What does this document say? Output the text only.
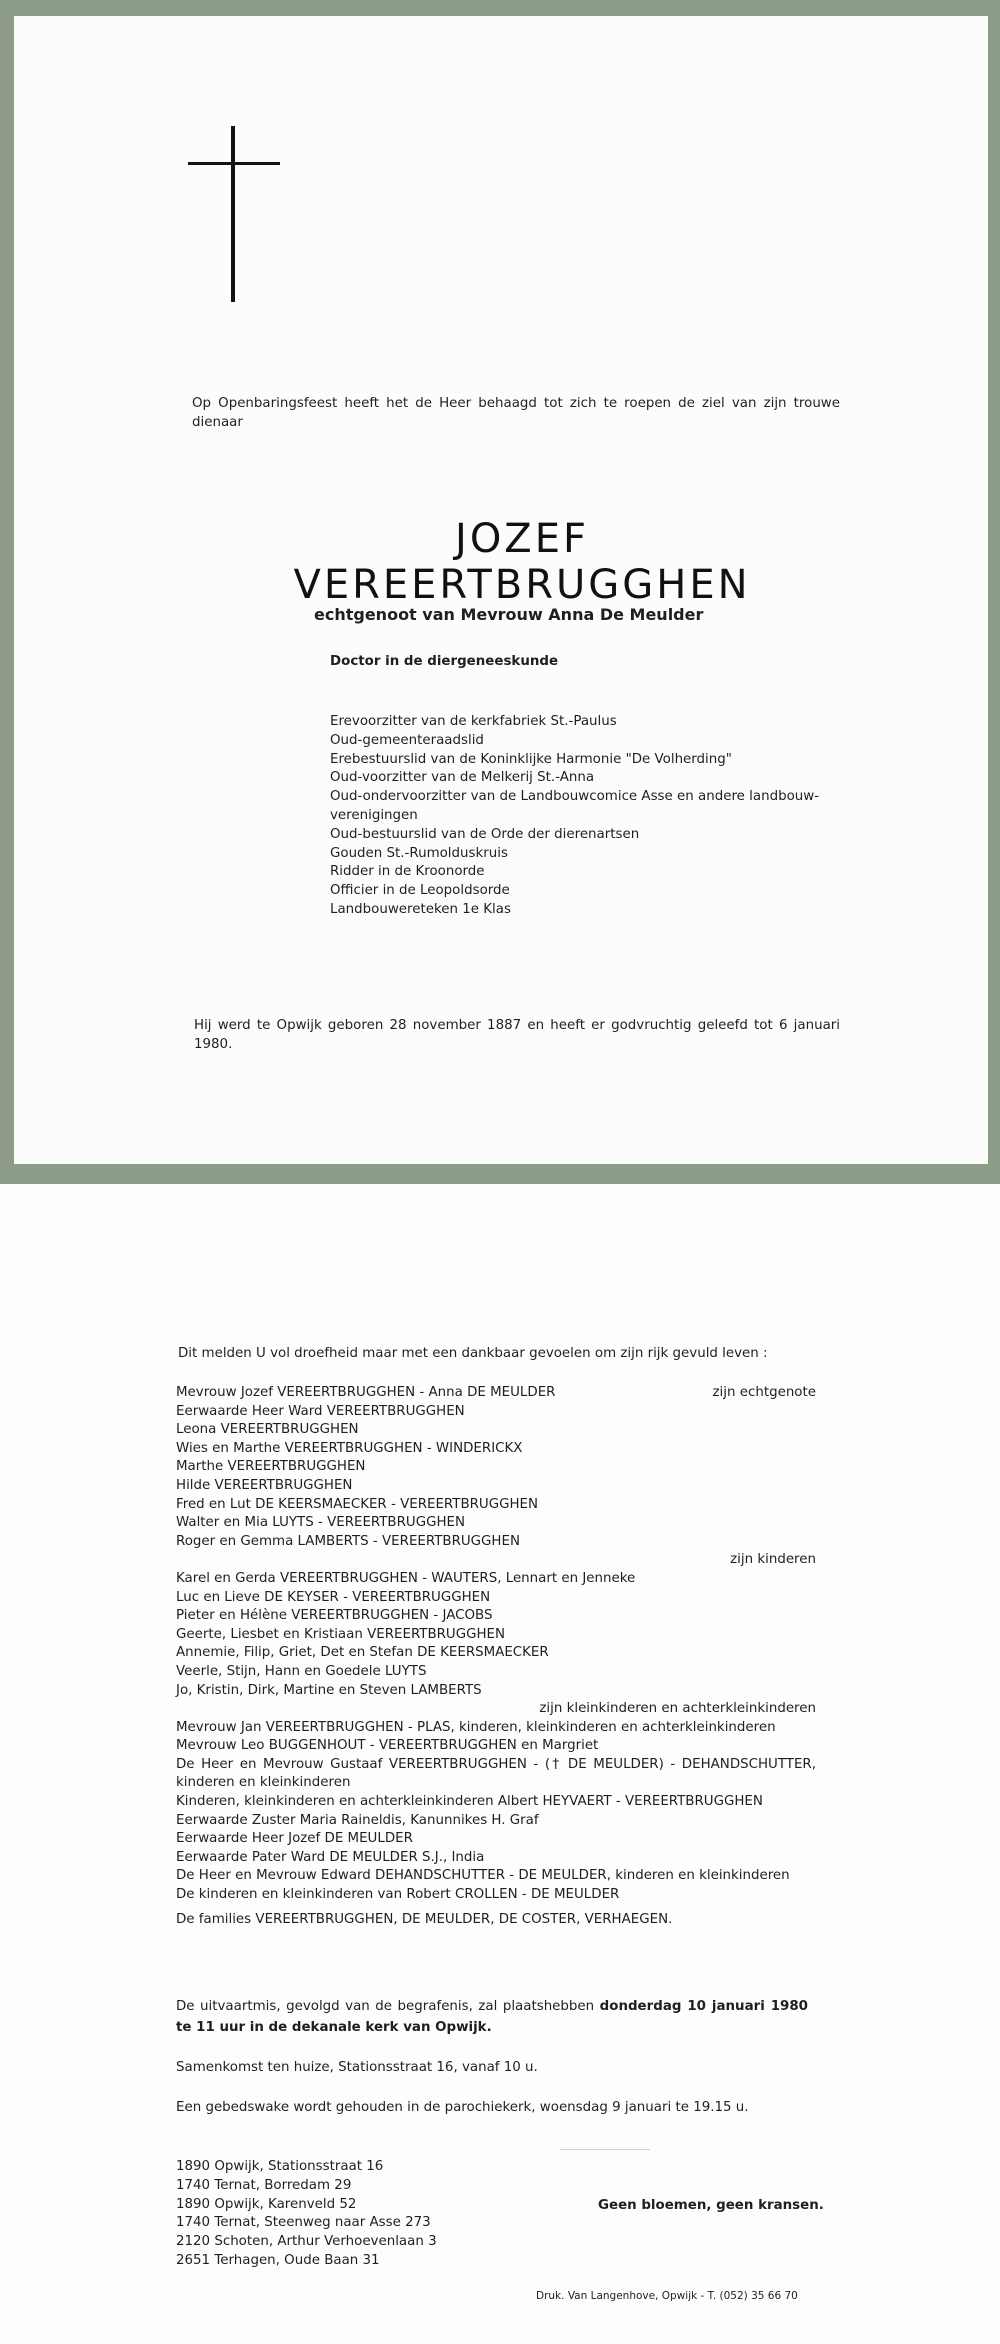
Op Openbaringsfeest heeft het de Heer behaagd tot zich te roepen de ziel van zijn trouwe dienaar
JOZEF VEREERTBRUGGHEN
echtgenoot van Mevrouw Anna De Meulder
Doctor in de diergeneeskunde
Erevoorzitter van de kerkfabriek St.-Paulus
Oud-gemeenteraadslid
Erebestuurslid van de Koninklijke Harmonie "De Volherding"
Oud-voorzitter van de Melkerij St.-Anna
Oud-ondervoorzitter van de Landbouwcomice Asse en andere landbouw-
verenigingen
Oud-bestuurslid van de Orde der dierenartsen
Gouden St.-Rumolduskruis
Ridder in de Kroonorde
Officier in de Leopoldsorde
Landbouwereteken 1e Klas
Hij werd te Opwijk geboren 28 november 1887 en heeft er godvruchtig geleefd tot 6 januari 1980.
Dit melden U vol droefheid maar met een dankbaar gevoelen om zijn rijk gevuld leven :
Mevrouw Jozef VEREERTBRUGGHEN - Anna DE MEULDER	zijn echtgenote
Eerwaarde Heer Ward VEREERTBRUGGHEN
Leona VEREERTBRUGGHEN
Wies en Marthe VEREERTBRUGGHEN - WINDERICKX
Marthe VEREERTBRUGGHEN
Hilde VEREERTBRUGGHEN
Fred en Lut DE KEERSMAECKER - VEREERTBRUGGHEN
Walter en Mia LUYTS - VEREERTBRUGGHEN
Roger en Gemma LAMBERTS - VEREERTBRUGGHEN
zijn kinderen
Karel en Gerda VEREERTBRUGGHEN - WAUTERS, Lennart en Jenneke
Luc en Lieve DE KEYSER - VEREERTBRUGGHEN
Pieter en Hélène VEREERTBRUGGHEN - JACOBS
Geerte, Liesbet en Kristiaan VEREERTBRUGGHEN
Annemie, Filip, Griet, Det en Stefan DE KEERSMAECKER
Veerle, Stijn, Hann en Goedele LUYTS
Jo, Kristin, Dirk, Martine en Steven LAMBERTS
zijn kleinkinderen en achterkleinkinderen
Mevrouw Jan VEREERTBRUGGHEN - PLAS, kinderen, kleinkinderen en achterkleinkinderen
Mevrouw Leo BUGGENHOUT - VEREERTBRUGGHEN en Margriet
De Heer en Mevrouw Gustaaf VEREERTBRUGGHEN - († DE MEULDER) - DEHANDSCHUTTER, kinderen en kleinkinderen
Kinderen, kleinkinderen en achterkleinkinderen Albert HEYVAERT - VEREERTBRUGGHEN
Eerwaarde Zuster Maria Raineldis, Kanunnikes H. Graf
Eerwaarde Heer Jozef DE MEULDER
Eerwaarde Pater Ward DE MEULDER S.J., India
De Heer en Mevrouw Edward DEHANDSCHUTTER - DE MEULDER, kinderen en kleinkinderen
De kinderen en kleinkinderen van Robert CROLLEN - DE MEULDER
De families VEREERTBRUGGHEN, DE MEULDER, DE COSTER, VERHAEGEN.
De uitvaartmis, gevolgd van de begrafenis, zal plaatshebben donderdag 10 januari 1980 te 11 uur in de dekanale kerk van Opwijk.
Samenkomst ten huize, Stationsstraat 16, vanaf 10 u.
Een gebedswake wordt gehouden in de parochiekerk, woensdag 9 januari te 19.15 u.
1890 Opwijk, Stationsstraat 16
1740 Ternat, Borredam 29
1890 Opwijk, Karenveld 52
1740 Ternat, Steenweg naar Asse 273
2120 Schoten, Arthur Verhoevenlaan 3
2651 Terhagen, Oude Baan 31
Geen bloemen, geen kransen.
Druk. Van Langenhove, Opwijk - T. (052) 35 66 70
